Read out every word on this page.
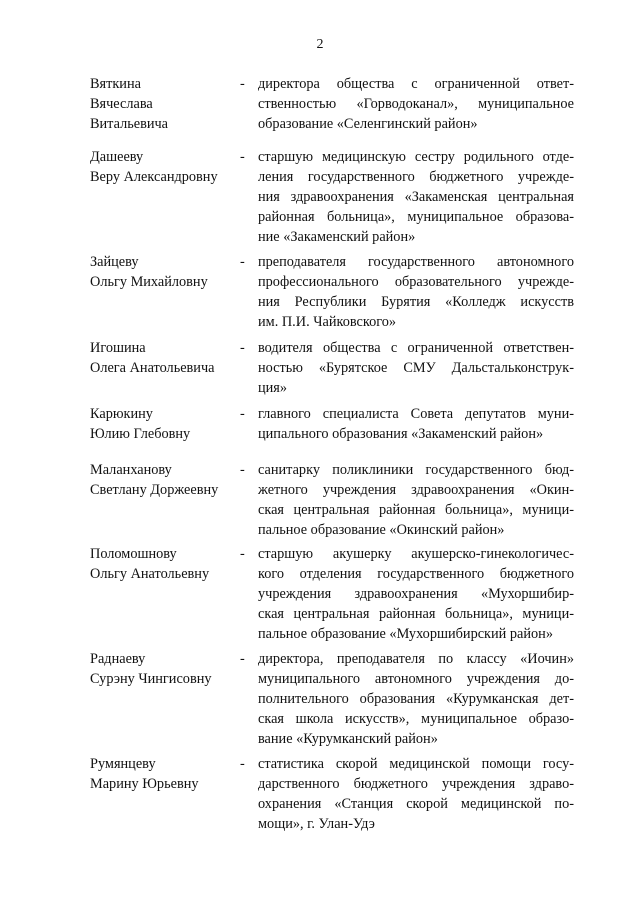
2
Вяткина
Вячеслава
Витальевича
- директора общества с ограниченной ответ-
ственностью «Горводоканал», муниципальное
образование «Селенгинский район»
Дашееву
Веру Александровну
- старшую медицинскую сестру родильного отде-
ления государственного бюджетного учрежде-
ния здравоохранения «Закаменская центральная
районная больница», муниципальное образова-
ние «Закаменский район»
Зайцеву
Ольгу Михайловну
- преподавателя государственного автономного
профессионального образовательного учрежде-
ния Республики Бурятия «Колледж искусств
им. П.И. Чайковского»
Игошина
Олега Анатольевича
- водителя общества с ограниченной ответствен-
ностью «Бурятское СМУ Дальстальконструк-
ция»
Карюкину
Юлию Глебовну
- главного специалиста Совета депутатов муни-
ципального образования «Закаменский район»
Маланханову
Светлану Доржеевну
- санитарку поликлиники государственного бюд-
жетного учреждения здравоохранения «Окин-
ская центральная районная больница», муници-
пальное образование «Окинский район»
Поломошнову
Ольгу Анатольевну
- старшую акушерку акушерско-гинекологичес-
кого отделения государственного бюджетного
учреждения здравоохранения «Мухоршибир-
ская центральная районная больница», муници-
пальное образование «Мухоршибирский район»
Раднаеву
Сурэну Чингисовну
- директора, преподавателя по классу «Иочин»
муниципального автономного учреждения до-
полнительного образования «Курумканская дет-
ская школа искусств», муниципальное образо-
вание «Курумканский район»
Румянцеву
Марину Юрьевну
- статистика скорой медицинской помощи госу-
дарственного бюджетного учреждения здраво-
охранения «Станция скорой медицинской по-
мощи», г. Улан-Удэ
